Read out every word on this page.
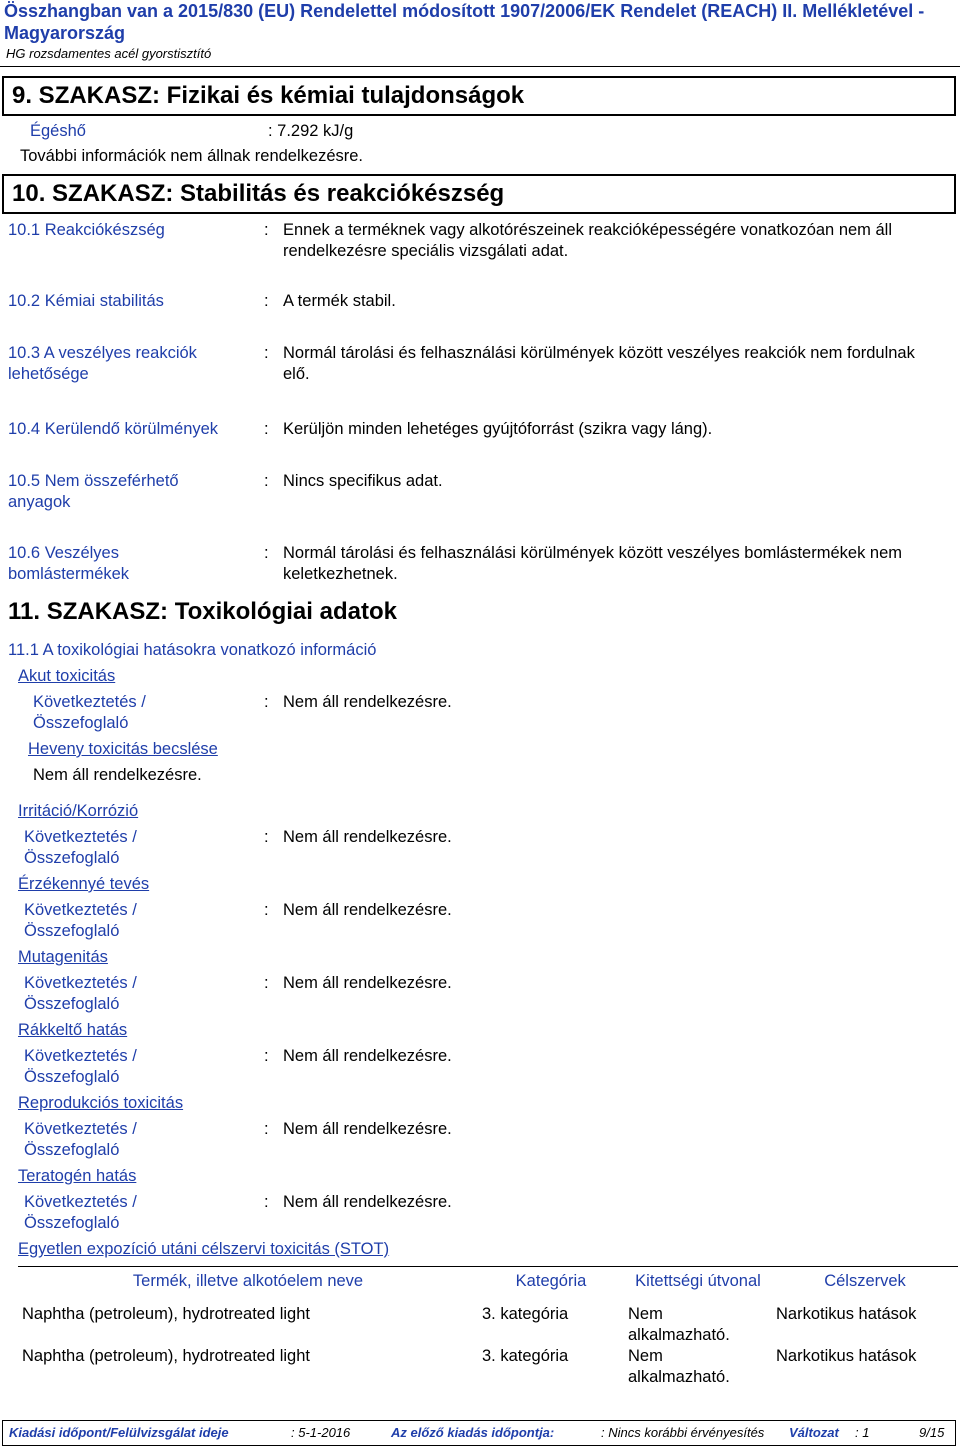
Összhangban van a 2015/830 (EU) Rendelettel módosított 1907/2006/EK Rendelet (REACH) II. Mellékletével - Magyarország
HG rozsdamentes acél gyorstisztító
9. SZAKASZ: Fizikai és kémiai tulajdonságok
Égéshő	: 7.292 kJ/g
További információk nem állnak rendelkezésre.
10. SZAKASZ: Stabilitás és reakciókészség
10.1 Reakciókészség	: Ennek a terméknek vagy alkotórészeinek reakcióképességére vonatkozóan nem áll rendelkezésre speciális vizsgálati adat.
10.2 Kémiai stabilitás	: A termék stabil.
10.3 A veszélyes reakciók lehetősége
: Normál tárolási és felhasználási körülmények között veszélyes reakciók nem fordulnak elő.
10.4 Kerülendő körülmények	: Kerüljön minden lehetéges gyújtóforrást (szikra vagy láng).
10.5 Nem összeférhető anyagok
: Nincs specifikus adat.
10.6 Veszélyes bomlástermékek
: Normál tárolási és felhasználási körülmények között veszélyes bomlástermékek nem keletkezhetnek.
11. SZAKASZ: Toxikológiai adatok
11.1 A toxikológiai hatásokra vonatkozó információ
Akut toxicitás
Következtetés / Összefoglaló
: Nem áll rendelkezésre.
Heveny toxicitás becslése
Nem áll rendelkezésre.
Irritáció/Korrózió
Következtetés / Összefoglaló
: Nem áll rendelkezésre.
Érzékennyé tevés
Következtetés / Összefoglaló
: Nem áll rendelkezésre.
Mutagenitás
Következtetés / Összefoglaló
: Nem áll rendelkezésre.
Rákkeltő hatás
Következtetés / Összefoglaló
: Nem áll rendelkezésre.
Reprodukciós toxicitás
Következtetés / Összefoglaló
: Nem áll rendelkezésre.
Teratogén hatás
Következtetés / Összefoglaló
: Nem áll rendelkezésre.
Egyetlen expozíció utáni célszervi toxicitás (STOT)
Termék, illetve alkotóelem neve	Kategória	Kitettségi útvonal	Célszervek
Naphtha (petroleum), hydrotreated light	3. kategória	Nem alkalmazható.	Narkotikus hatások
Naphtha (petroleum), hydrotreated light	3. kategória	Nem alkalmazható.	Narkotikus hatások
Kiadási időpont/Felülvizsgálat ideje	: 5-1-2016	Az előző kiadás időpontja:	: Nincs korábbi érvényesítés Változat : 1	9/15
